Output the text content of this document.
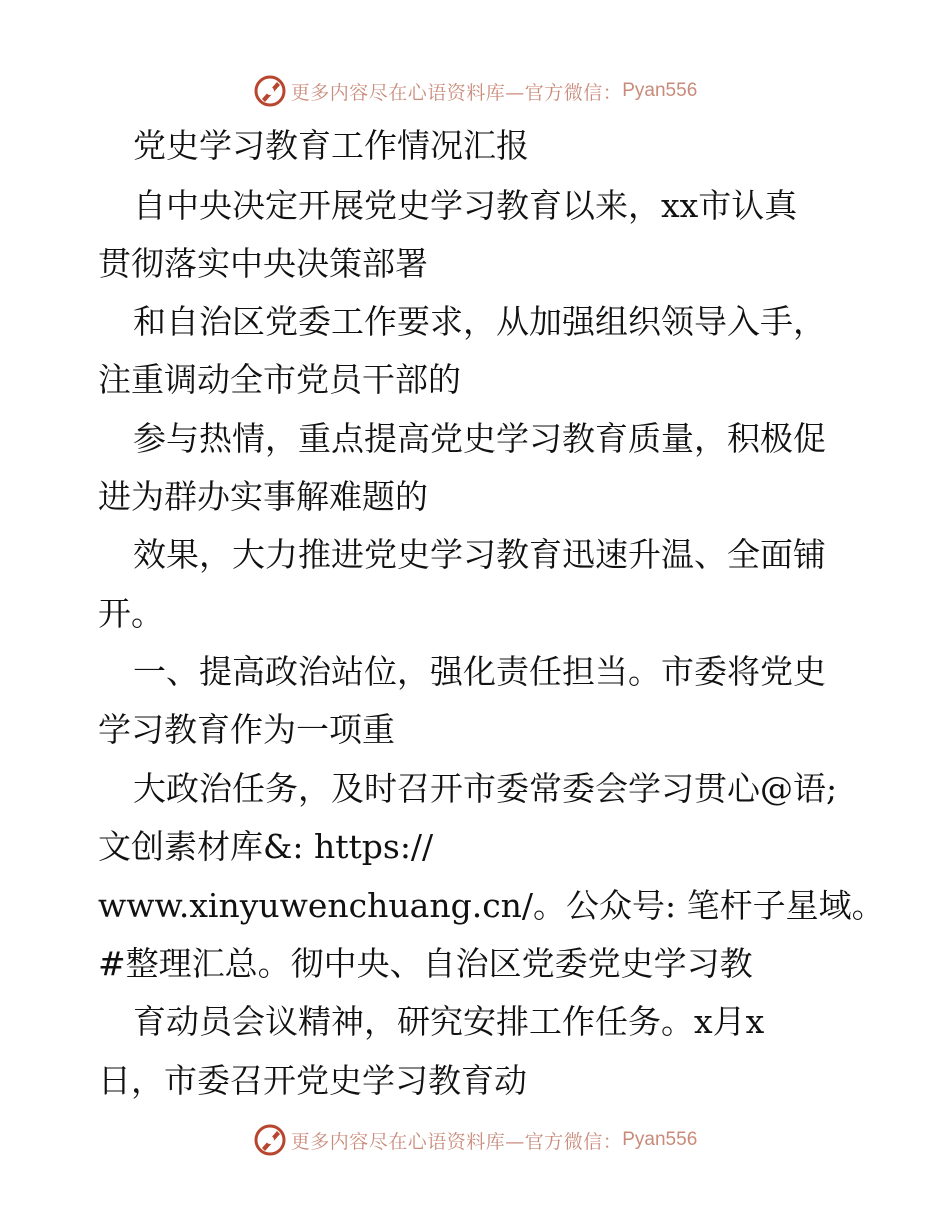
更多内容尽在心语资料库—官方微信： Pyan556
党史学习教育工作情况汇报
自中央决定开展党史学习教育以来，xx市认真
贯彻落实中央决策部署
和自治区党委工作要求，从加强组织领导入手，
注重调动全市党员干部的
参与热情，重点提高党史学习教育质量，积极促
进为群办实事解难题的
效果，大力推进党史学习教育迅速升温、全面铺
开。
一、提高政治站位，强化责任担当。市委将党史
学习教育作为一项重
大政治任务，及时召开市委常委会学习贯心@语;
文创素材库&: https://
www.xinyuwenchuang.cn/。公众号: 笔杆子星域。
#整理汇总。彻中央、自治区党委党史学习教
育动员会议精神，研究安排工作任务。x月x
日，市委召开党史学习教育动
更多内容尽在心语资料库—官方微信： Pyan556
